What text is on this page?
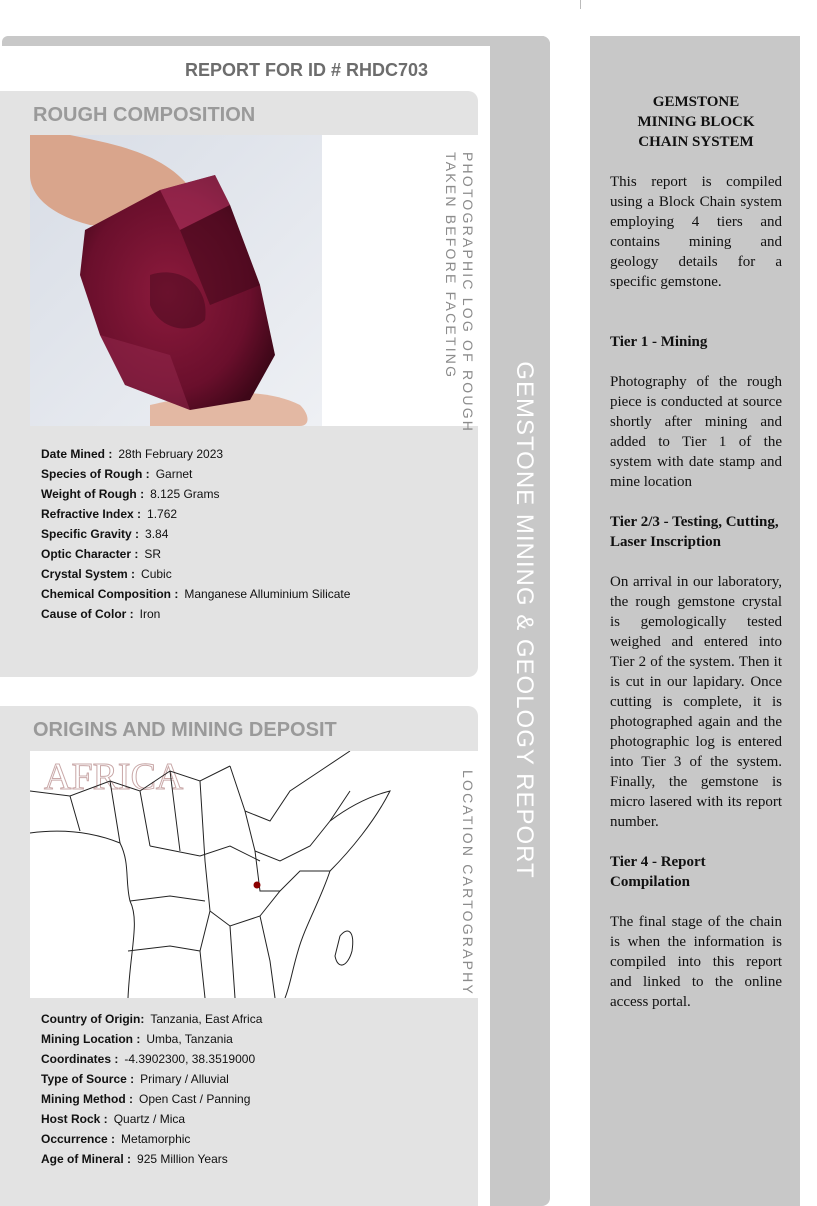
GEMSTONE MINING & GEOLOGY REPORT
REPORT FOR ID # RHDC703
ROUGH COMPOSITION
PHOTOGRAPHIC LOG OF ROUGH
TAKEN BEFORE FACETING
Date Mined : 28th February 2023
Species of Rough : Garnet
Weight of Rough : 8.125 Grams
Refractive Index : 1.762
Specific Gravity : 3.84
Optic Character : SR
Crystal System : Cubic
Chemical Composition : Manganese Alluminium Silicate
Cause of Color : Iron
ORIGINS AND MINING DEPOSIT
AFRICA	LOCATION CARTOGRAPHY
Country of Origin: Tanzania, East Africa
Mining Location : Umba, Tanzania
Coordinates : -4.3902300, 38.3519000
Type of Source : Primary / Alluvial
Mining Method : Open Cast / Panning
Host Rock : Quartz / Mica
Occurrence : Metamorphic
Age of Mineral : 925 Million Years
GEMSTONE
MINING BLOCK
CHAIN SYSTEM

This report is compiled using a Block Chain system employing 4 tiers and contains mining and geology details for a specific gemstone.

Tier 1 - Mining

Photography of the rough piece is conducted at source shortly after mining and added to Tier 1 of the system with date stamp and mine location

Tier 2/3 - Testing, Cutting, Laser Inscription

On arrival in our laboratory, the rough gemstone crystal is gemologically tested weighed and entered into Tier 2 of the system. Then it is cut in our lapidary. Once cutting is complete, it is photographed again and the photographic log is entered into Tier 3 of the system. Finally, the gemstone is micro lasered with its report number.

Tier 4 - Report Compilation

The final stage of the chain is when the information is compiled into this report and linked to the online access portal.
